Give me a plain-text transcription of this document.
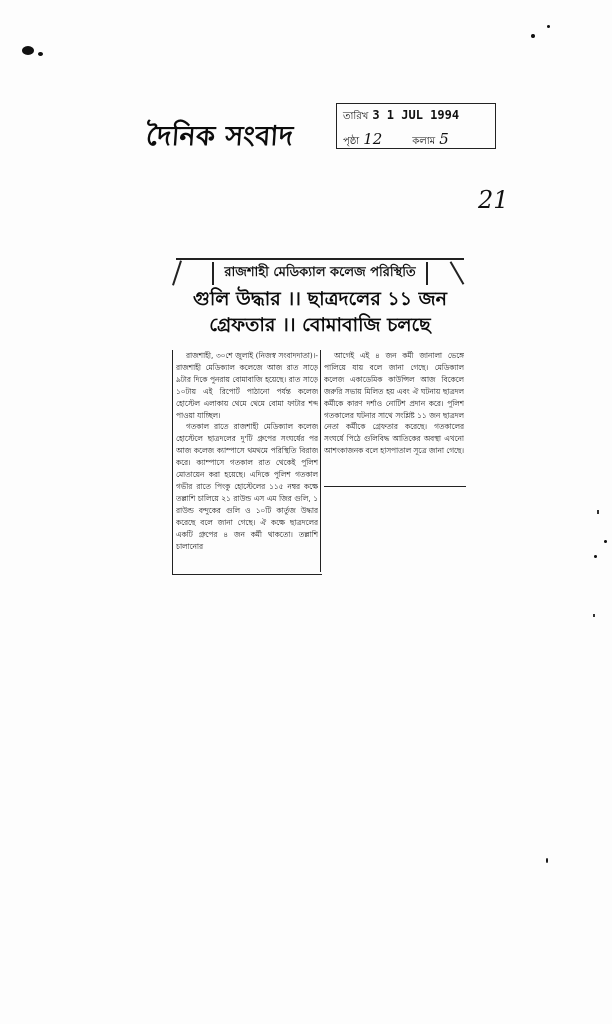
দৈনিক সংবাদ
তারিখ 3 1 JUL 1994
পৃষ্ঠা 12	কলাম 5
21
রাজশাহী মেডিক্যাল কলেজ পরিস্থিতি
গুলি উদ্ধার ।। ছাত্রদলের ১১ জন
গ্রেফতার ।। বোমাবাজি চলছে

রাজশাহী, ৩০শে জুলাই (নিজস্ব সংবাদদাতা)।- রাজশাহী মেডিক্যাল কলেজে আজ রাত সাড়ে ৯টার দিকে পুনরায় বোমাবাজি হয়েছে। রাত সাড়ে ১০টায় এই রিপোর্ট পাঠানো পর্যন্ত কলেজ হোস্টেল এলাকায় থেমে থেমে বোমা ফাটার শব্দ পাওয়া যাচ্ছিল।

গতকাল রাতে রাজশাহী মেডিক্যাল কলেজ হোস্টেলে ছাত্রদলের দু'টি গ্রুপের সংঘর্ষের পর আজ কলেজ ক্যাম্পাসে থমথমে পরিস্থিতি বিরাজ করে। ক্যাম্পাসে গতকাল রাত থেকেই পুলিশ মোতায়েন করা হয়েছে। এদিকে পুলিশ গতকাল গভীর রাতে পিংকু হোস্টেলের ১১৫ নম্বর কক্ষে তল্লাশি চালিয়ে ২১ রাউন্ড এস এম জির গুলি, ১ রাউন্ড বন্দুকের গুলি ও ১০টি কার্তুজ উদ্ধার করেছে বলে জানা গেছে। ঐ কক্ষে ছাত্রদলের একটি গ্রুপের ৪ জন কর্মী থাকতো। তল্লাশি চালানোর

আগেই এই ৪ জন কর্মী জানালা ভেঙ্গে পালিয়ে যায় বলে জানা গেছে। মেডিক্যাল কলেজ একাডেমিক কাউন্সিল আজ বিকেলে জরুরি সভায় মিলিত হয় এবং ঐ ঘটনায় ছাত্রদল কর্মীকে কারণ দর্শাও নোটিশ প্রদান করে। পুলিশ গতকালের ঘটনার সাথে সংশ্লিষ্ট ১১ জন ছাত্রদল নেতা কর্মীকে গ্রেফতার করেছে। গতকালের সংঘর্ষে পিঠে গুলিবিদ্ধ আতিকের অবস্থা এখনো আশংকাজনক বলে হাসপাতাল সূত্রে জানা গেছে।
